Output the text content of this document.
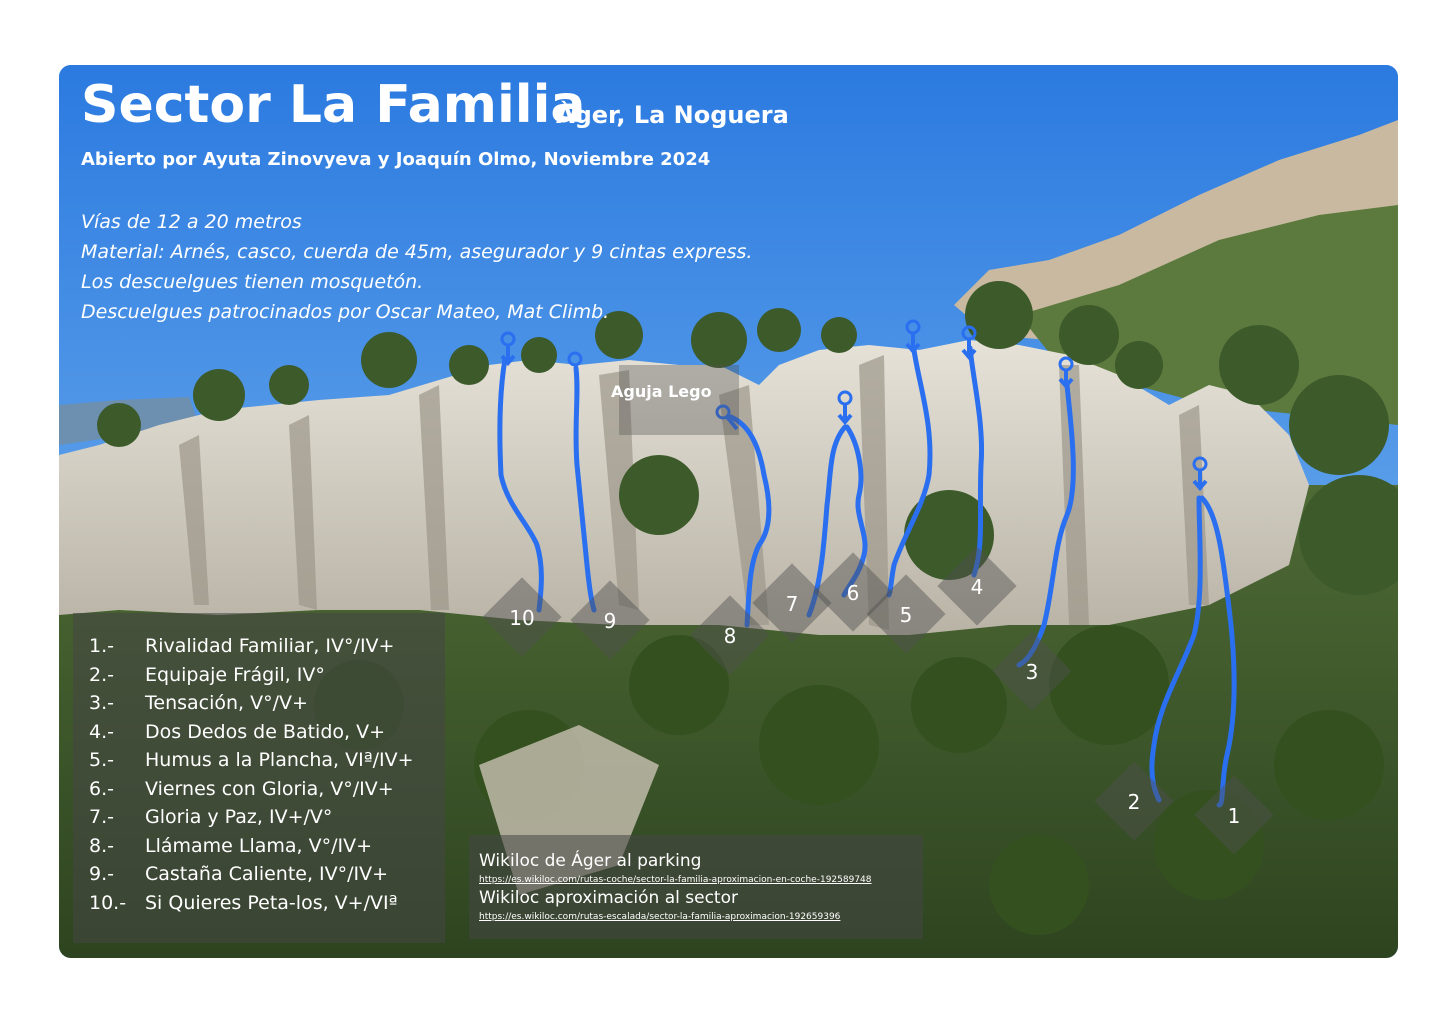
Sector La Familia
Àger, La Noguera
Abierto por Ayuta Zinovyeva y Joaquín Olmo, Noviembre 2024
Vías de 12 a 20 metros
Material: Arnés, casco, cuerda de 45m, asegurador y 9 cintas express.
Los descuelgues tienen mosquetón.
Descuelgues patrocinados por Oscar Mateo, Mat Climb.
Aguja Lego
10	9
8
7	6
5
4
3
2
1
1.- Rivalidad Familiar, IV°/IV+
2.- Equipaje Frágil, IV°
3.- Tensación, V°/V+
4.- Dos Dedos de Batido, V+
5.- Humus a la Plancha, VIª/IV+
6.- Viernes con Gloria, V°/IV+
7.- Gloria y Paz, IV+/V°
8.- Llámame Llama, V°/IV+
9.- Castaña Caliente, IV°/IV+
10.- Si Quieres Peta-los, V+/VIª
Wikiloc de Áger al parking
https://es.wikiloc.com/rutas-coche/sector-la-familia-aproximacion-en-coche-192589748
Wikiloc aproximación al sector
https://es.wikiloc.com/rutas-escalada/sector-la-familia-aproximacion-192659396
